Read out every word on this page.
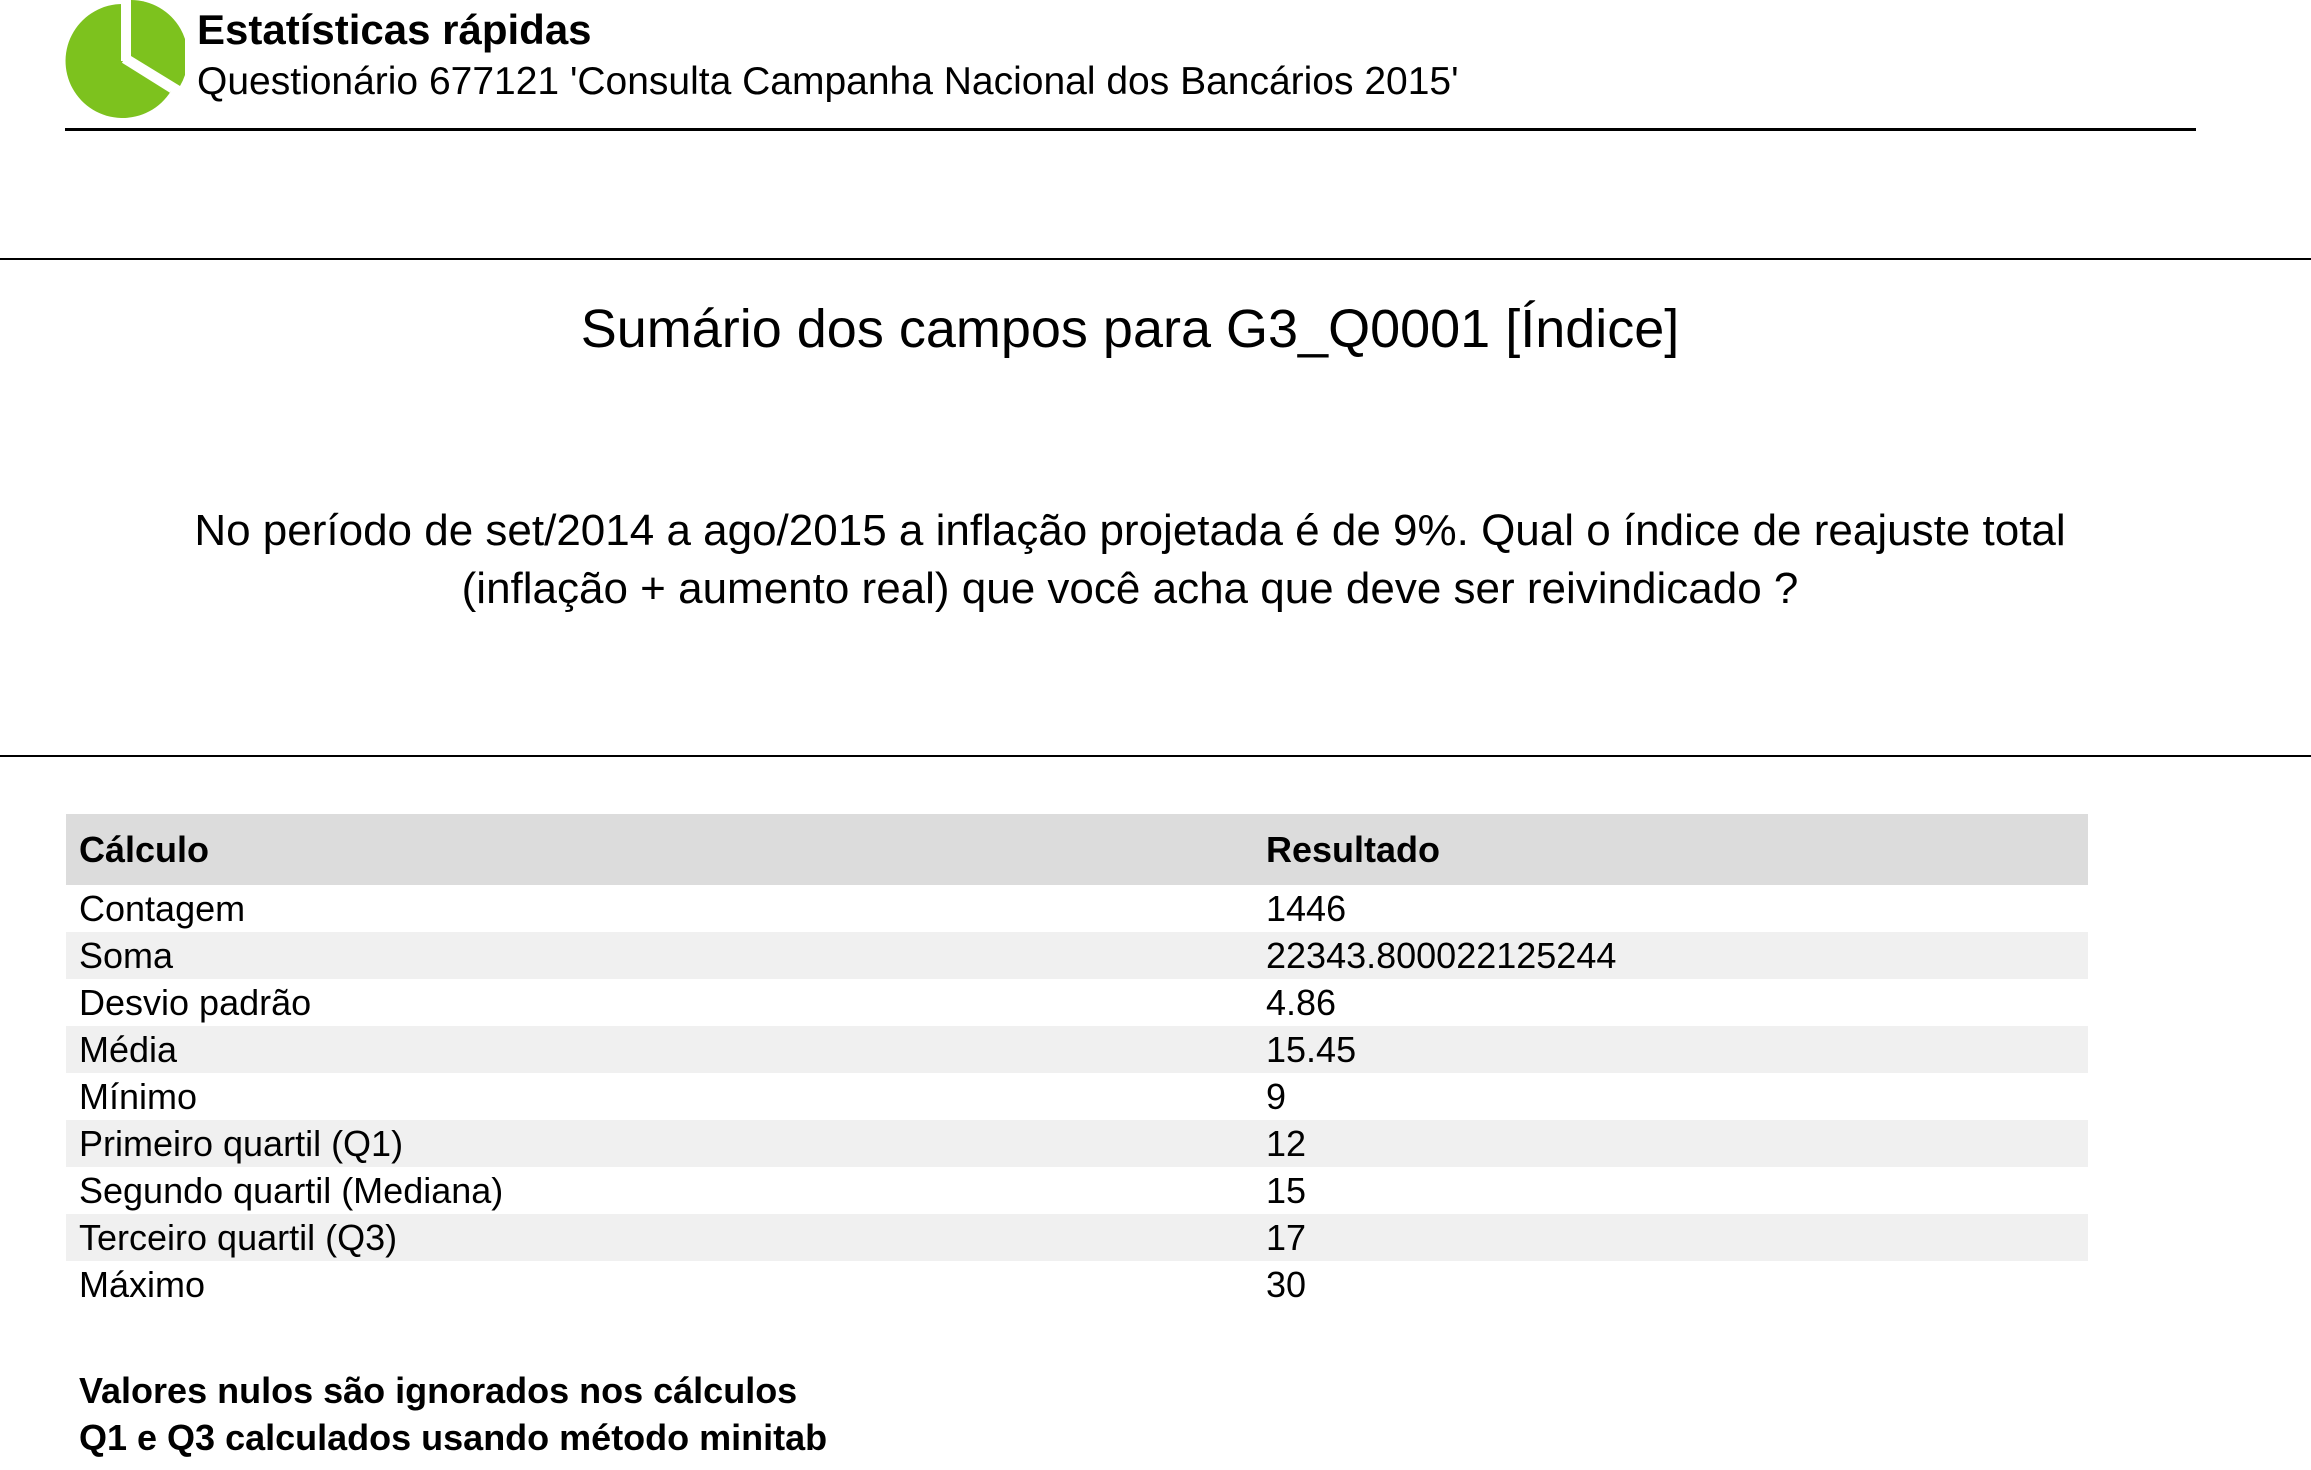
Estatísticas rápidas
Questionário 677121 'Consulta Campanha Nacional dos Bancários 2015'
Sumário dos campos para G3_Q0001 [Índice]
No período de set/2014 a ago/2015 a inflação projetada é de 9%. Qual o índice de reajuste total
(inflação + aumento real) que você acha que deve ser reivindicado ?
Cálculo	Resultado
Contagem	1446
Soma	22343.800022125244
Desvio padrão	4.86
Média	15.45
Mínimo	9
Primeiro quartil (Q1)	12
Segundo quartil (Mediana)	15
Terceiro quartil (Q3)	17
Máximo	30
Valores nulos são ignorados nos cálculos
Q1 e Q3 calculados usando método minitab
